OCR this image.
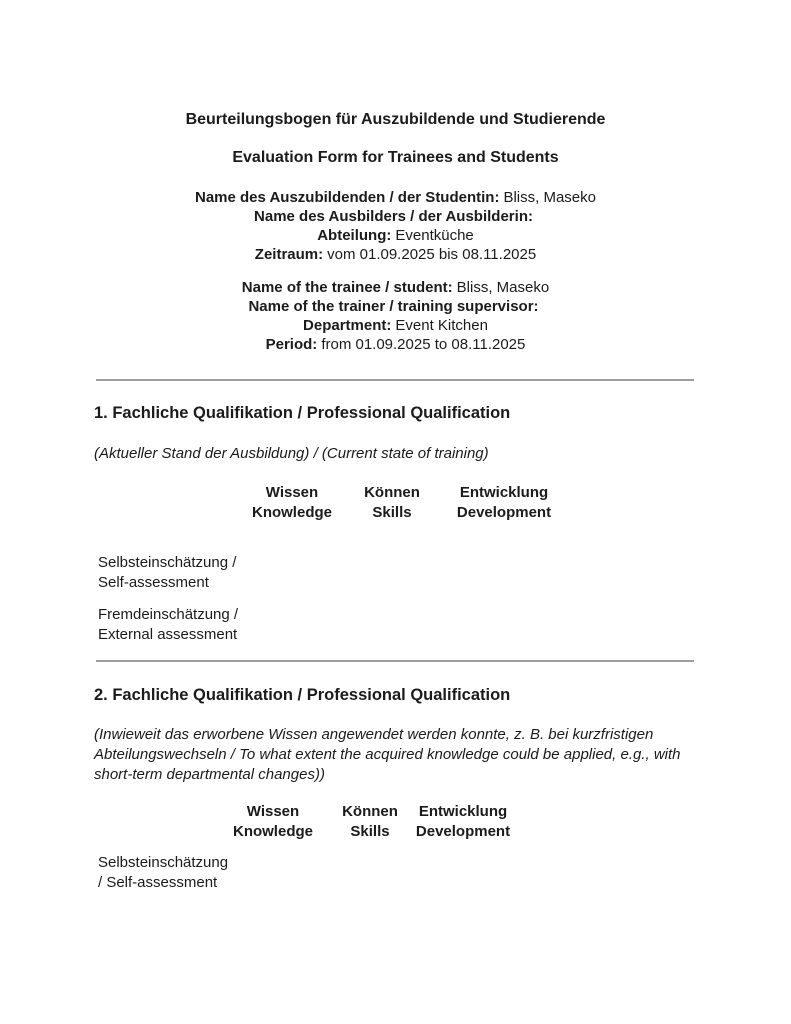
Beurteilungsbogen für Auszubildende und Studierende
Evaluation Form for Trainees and Students
Name des Auszubildenden / der Studentin: Bliss, Maseko
Name des Ausbilders / der Ausbilderin:
Abteilung: Eventküche
Zeitraum: vom 01.09.2025 bis 08.11.2025
Name of the trainee / student: Bliss, Maseko
Name of the trainer / training supervisor:
Department: Event Kitchen
Period: from 01.09.2025 to 08.11.2025
1. Fachliche Qualifikation / Professional Qualification
(Aktueller Stand der Ausbildung) / (Current state of training)
Wissen
Knowledge
Können
Skills
Entwicklung
Development
Selbsteinschätzung /
Self-assessment
Fremdeinschätzung /
External assessment
2. Fachliche Qualifikation / Professional Qualification
(Inwieweit das erworbene Wissen angewendet werden konnte, z. B. bei kurzfristigen
Abteilungswechseln / To what extent the acquired knowledge could be applied, e.g., with
short-term departmental changes))
Wissen
Knowledge
Können
Skills
Entwicklung
Development
Selbsteinschätzung
/ Self-assessment
